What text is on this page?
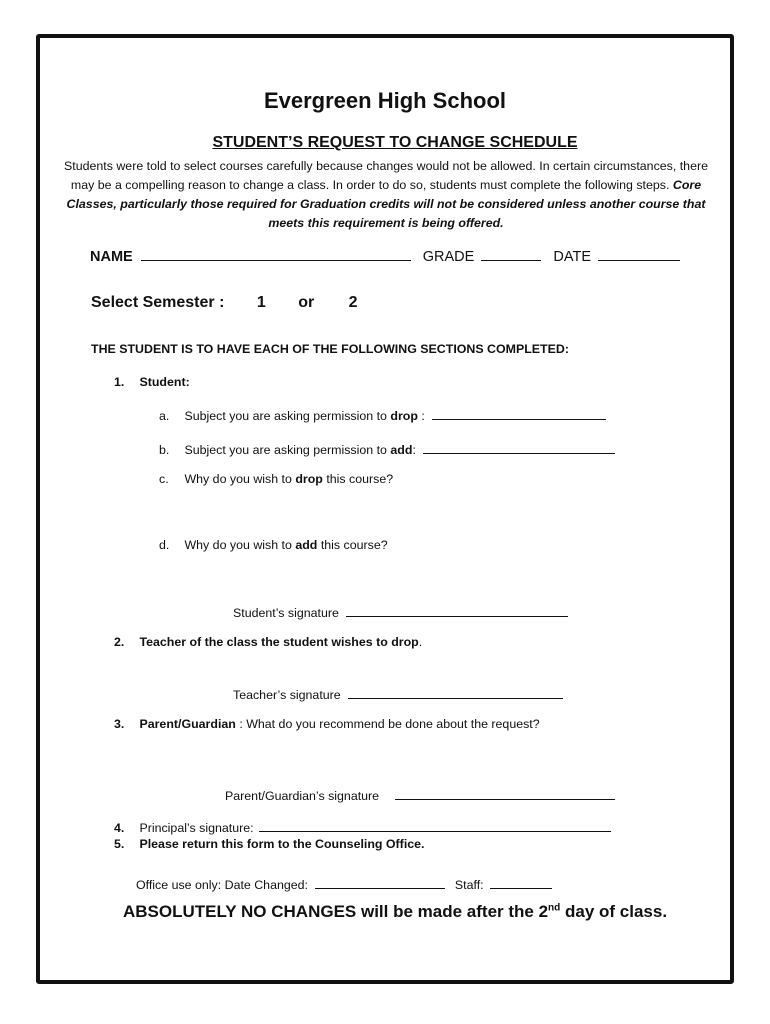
Evergreen High School
STUDENT’S REQUEST TO CHANGE SCHEDULE
Students were told to select courses carefully because changes would not be allowed. In certain circumstances, there may be a compelling reason to change a class. In order to do so, students must complete the following steps. Core Classes, particularly those required for Graduation credits will not be considered unless another course that meets this requirement is being offered.
NAME	GRADE	DATE
Select Semester : 1 or 2
THE STUDENT IS TO HAVE EACH OF THE FOLLOWING SECTIONS COMPLETED:
1. Student:
a. Subject you are asking permission to drop :
b. Subject you are asking permission to add:
c. Why do you wish to drop this course?
d. Why do you wish to add this course?
Student’s signature
2. Teacher of the class the student wishes to drop.
Teacher’s signature
3. Parent/Guardian : What do you recommend be done about the request?
Parent/Guardian’s signature
4. Principal’s signature:
5. Please return this form to the Counseling Office.
Office use only: Date Changed:	Staff:
ABSOLUTELY NO CHANGES will be made after the 2nd day of class.
